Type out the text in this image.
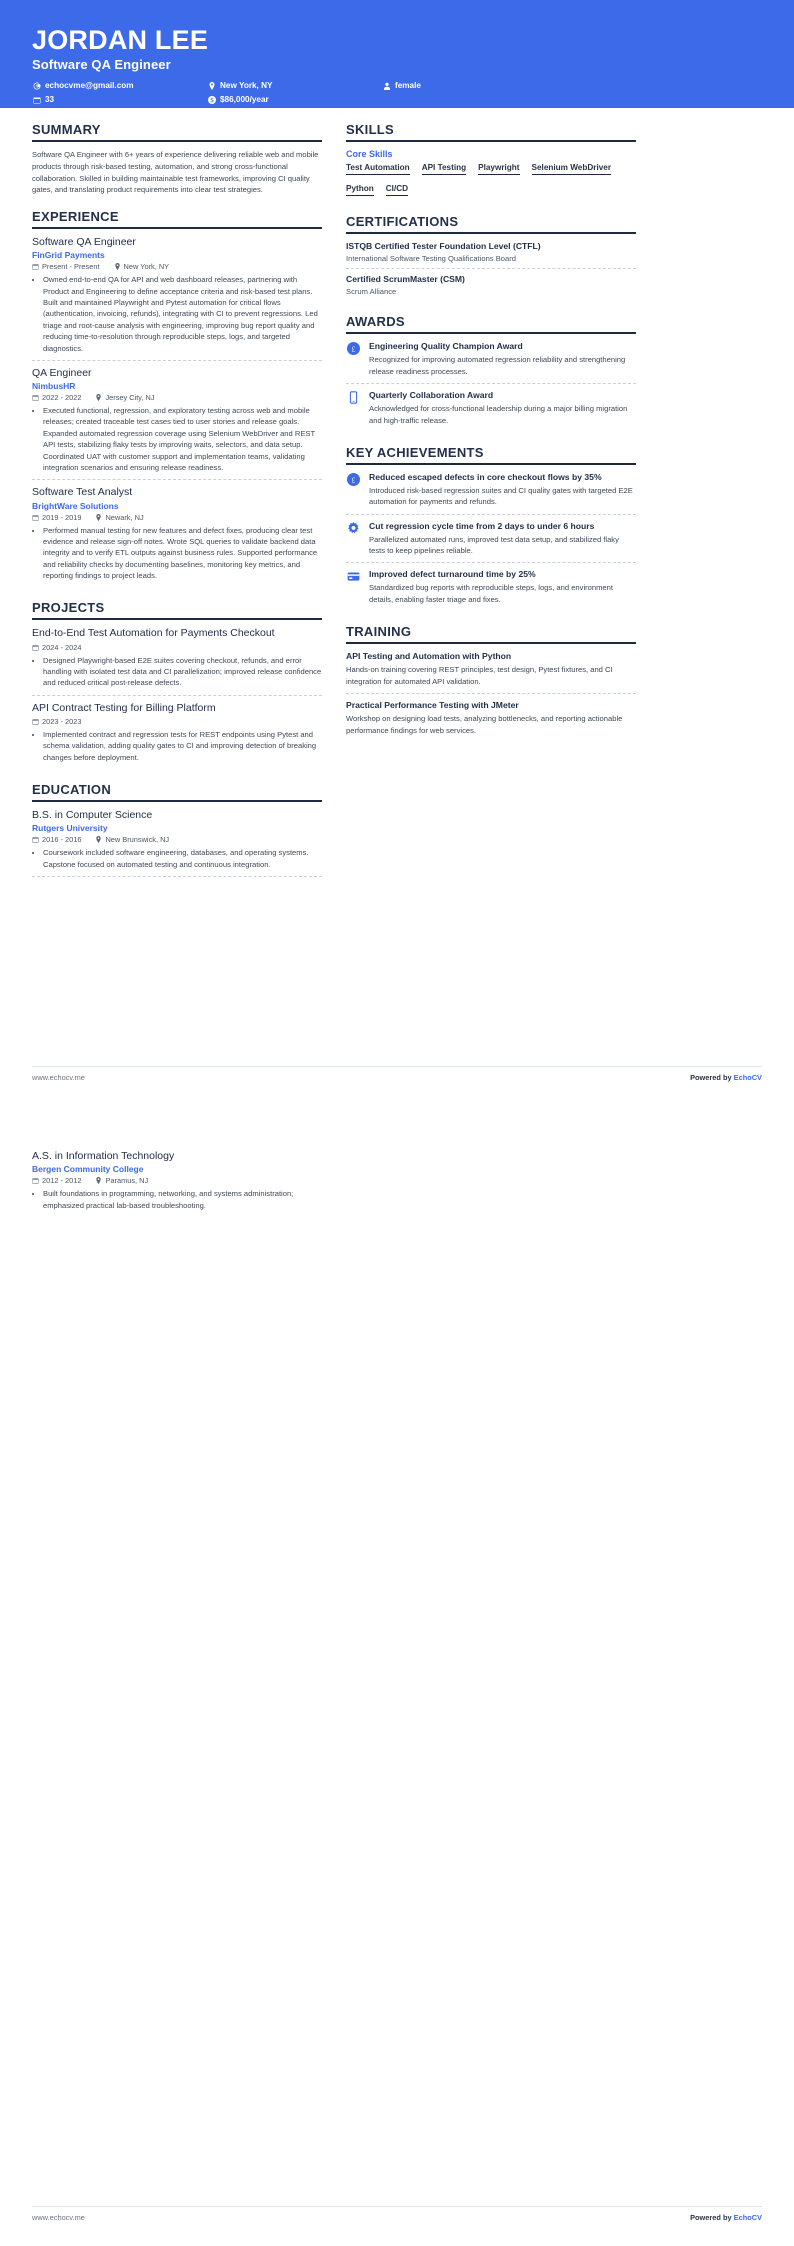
JORDAN LEE
Software QA Engineer
echocvme@gmail.com	New York, NY	female
33	$86,000/year
SUMMARY
Software QA Engineer with 6+ years of experience delivering reliable web and mobile products through risk-based testing, automation, and strong cross-functional collaboration. Skilled in building maintainable test frameworks, improving CI quality gates, and translating product requirements into clear test strategies.
EXPERIENCE
Software QA Engineer
FinGrid Payments
Present - Present	New York, NY
• Owned end-to-end QA for API and web dashboard releases, partnering with Product and Engineering to define acceptance criteria and risk-based test plans. Built and maintained Playwright and Pytest automation for critical flows (authentication, invoicing, refunds), integrating with CI to prevent regressions. Led triage and root-cause analysis with engineering, improving bug report quality and reducing time-to-resolution through reproducible steps, logs, and targeted diagnostics.
QA Engineer
NimbusHR
2022 - 2022	Jersey City, NJ
• Executed functional, regression, and exploratory testing across web and mobile releases; created traceable test cases tied to user stories and release goals. Expanded automated regression coverage using Selenium WebDriver and REST API tests, stabilizing flaky tests by improving waits, selectors, and data setup. Coordinated UAT with customer support and implementation teams, validating integration scenarios and ensuring release readiness.
Software Test Analyst
BrightWare Solutions
2019 - 2019	Newark, NJ
• Performed manual testing for new features and defect fixes, producing clear test evidence and release sign-off notes. Wrote SQL queries to validate backend data integrity and to verify ETL outputs against business rules. Supported performance and reliability checks by documenting baselines, monitoring key metrics, and reporting findings to project leads.
PROJECTS
End-to-End Test Automation for Payments Checkout
2024 - 2024
• Designed Playwright-based E2E suites covering checkout, refunds, and error handling with isolated test data and CI parallelization; improved release confidence and reduced critical post-release defects.
API Contract Testing for Billing Platform
2023 - 2023
• Implemented contract and regression tests for REST endpoints using Pytest and schema validation, adding quality gates to CI and improving detection of breaking changes before deployment.
EDUCATION
B.S. in Computer Science
Rutgers University
2016 - 2016	New Brunswick, NJ
• Coursework included software engineering, databases, and operating systems. Capstone focused on automated testing and continuous integration.
SKILLS
Core Skills
Test Automation API Testing Playwright Selenium WebDriver
Python CI/CD
CERTIFICATIONS
ISTQB Certified Tester Foundation Level (CTFL)
International Software Testing Qualifications Board
Certified ScrumMaster (CSM)
Scrum Alliance
AWARDS
£ Engineering Quality Champion Award
Recognized for improving automated regression reliability and strengthening release readiness processes.
Quarterly Collaboration Award
Acknowledged for cross-functional leadership during a major billing migration and high-traffic release.
KEY ACHIEVEMENTS
£ Reduced escaped defects in core checkout flows by 35%
Introduced risk-based regression suites and CI quality gates with targeted E2E automation for payments and refunds.
Cut regression cycle time from 2 days to under 6 hours
Parallelized automated runs, improved test data setup, and stabilized flaky tests to keep pipelines reliable.
Improved defect turnaround time by 25%
Standardized bug reports with reproducible steps, logs, and environment details, enabling faster triage and fixes.
TRAINING
API Testing and Automation with Python
Hands-on training covering REST principles, test design, Pytest fixtures, and CI integration for automated API validation.
Practical Performance Testing with JMeter
Workshop on designing load tests, analyzing bottlenecks, and reporting actionable performance findings for web services.
www.echocv.me	Powered by EchoCV
A.S. in Information Technology
Bergen Community College
2012 - 2012	Paramus, NJ
• Built foundations in programming, networking, and systems administration; emphasized practical lab-based troubleshooting.
www.echocv.me	Powered by EchoCV
